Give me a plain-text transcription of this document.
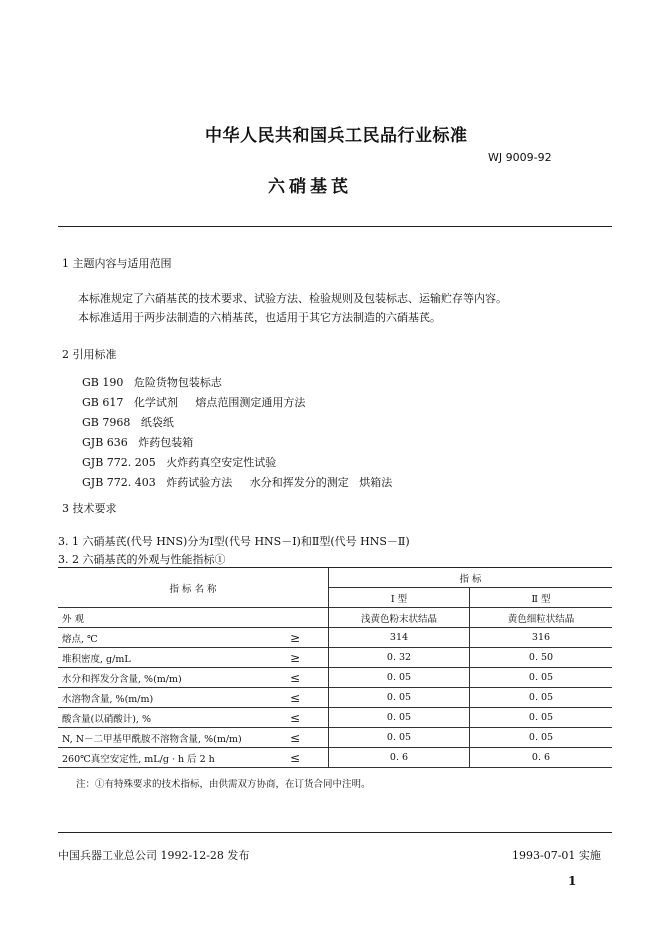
中华人民共和国兵工民品行业标准
WJ 9009-92
六硝基芪
1 主题内容与适用范围
本标准规定了六硝基芪的技术要求、试验方法、检验规则及包装标志、运输贮存等内容。
本标准适用于两步法制造的六梢基芪，也适用于其它方法制造的六硝基芪。
2 引用标准
GB 190   危险货物包装标志
GB 617   化学试剂     熔点范围测定通用方法
GB 7968   纸袋纸
GJB 636   炸药包装箱
GJB 772. 205   火炸药真空安定性试验
GJB 772. 403   炸药试验方法     水分和挥发分的测定   烘箱法
3 技术要求
3. 1 六硝基芪(代号 HNS)分为Ⅰ型(代号 HNS－Ⅰ)和Ⅱ型(代号 HNS－Ⅱ)
3. 2 六硝基芪的外观与性能指标①
指 标 名 称		指 标	
		Ⅰ 型	Ⅱ 型
外 观		浅黄色粉末状结晶	黄色细粒状结晶
熔点, ℃	≥	314	316
堆积密度, g/mL	≥	0. 32	0. 50
水分和挥发分含量, %(m/m)	≤	0. 05	0. 05
水溶物含量, %(m/m)	≤	0. 05	0. 05
酸含量(以硝酸计), %	≤	0. 05	0. 05
N, N－二甲基甲酰胺不溶物含量, %(m/m)	≤	0. 05	0. 05
260℃真空安定性, mL/g · h 后 2 h	≤	0. 6	0. 6
注：①有特殊要求的技术指标，由供需双方协商，在订货合同中注明。
中国兵器工业总公司 1992-12-28 发布	1993-07-01 实施
1
